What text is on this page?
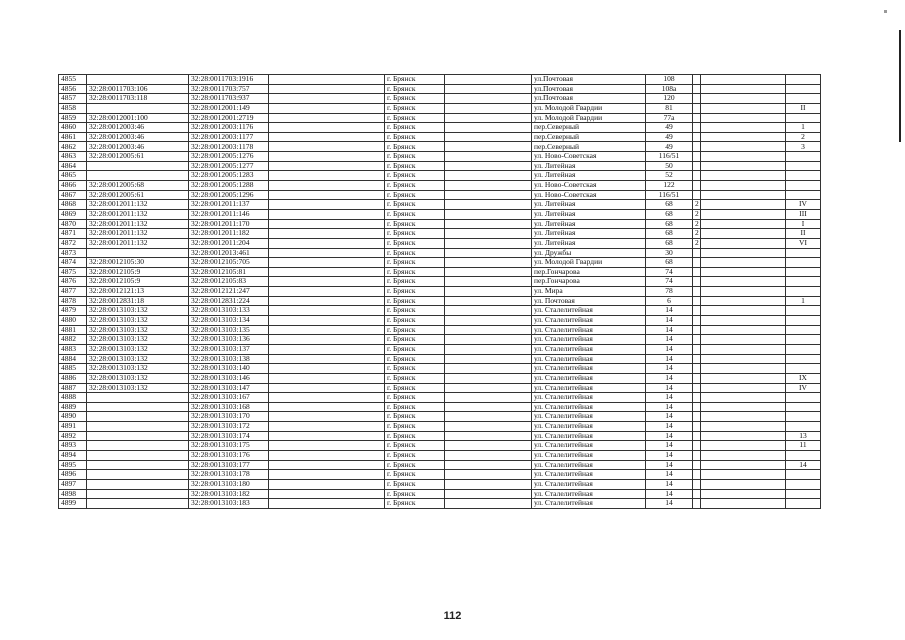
4855		32:28:0011703:1916		г. Брянск		ул.Почтовая	108			
4856	32:28:0011703:106	32:28:0011703:757		г. Брянск		ул.Почтовая	108а			
4857	32:28:0011703:118	32:28:0011703:937		г. Брянск		ул.Почтовая	120			
4858		32:28:0012001:149		г. Брянск		ул. Молодой Гвардии	81			II
4859	32:28:0012001:100	32:28:0012001:2719		г. Брянск		ул. Молодой Гвардии	77а			
4860	32:28:0012003:46	32:28:0012003:1176		г. Брянск		пер.Северный	49			1
4861	32:28:0012003:46	32:28:0012003:1177		г. Брянск		пер.Северный	49			2
4862	32:28:0012003:46	32:28:0012003:1178		г. Брянск		пер.Северный	49			3
4863	32:28:0012005:61	32:28:0012005:1276		г. Брянск		ул. Ново-Советская	116/51			
4864		32:28:0012005:1277		г. Брянск		ул. Литейная	50			
4865		32:28:0012005:1283		г. Брянск		ул. Литейная	52			
4866	32:28:0012005:68	32:28:0012005:1288		г. Брянск		ул. Ново-Советская	122			
4867	32:28:0012005:61	32:28:0012005:1296		г. Брянск		ул. Ново-Советская	116/51			
4868	32:28:0012011:132	32:28:0012011:137		г. Брянск		ул. Литейная	68	2		IV
4869	32:28:0012011:132	32:28:0012011:146		г. Брянск		ул. Литейная	68	2		III
4870	32:28:0012011:132	32:28:0012011:170		г. Брянск		ул. Литейная	68	2		I
4871	32:28:0012011:132	32:28:0012011:182		г. Брянск		ул. Литейная	68	2		II
4872	32:28:0012011:132	32:28:0012011:204		г. Брянск		ул. Литейная	68	2		VI
4873		32:28:0012013:461		г. Брянск		ул. Дружбы	30			
4874	32:28:0012105:30	32:28:0012105:705		г. Брянск		ул. Молодой Гвардии	68			
4875	32:28:0012105:9	32:28:0012105:81		г. Брянск		пер.Гончарова	74			
4876	32:28:0012105:9	32:28:0012105:83		г. Брянск		пер.Гончарова	74			
4877	32:28:0012121:13	32:28:0012121:247		г. Брянск		ул. Мира	78			
4878	32:28:0012831:18	32:28:0012831:224		г. Брянск		ул. Почтовая	6			1
4879	32:28:0013103:132	32:28:0013103:133		г. Брянск		ул. Сталелитейная	14			
4880	32:28:0013103:132	32:28:0013103:134		г. Брянск		ул. Сталелитейная	14			
4881	32:28:0013103:132	32:28:0013103:135		г. Брянск		ул. Сталелитейная	14			
4882	32:28:0013103:132	32:28:0013103:136		г. Брянск		ул. Сталелитейная	14			
4883	32:28:0013103:132	32:28:0013103:137		г. Брянск		ул. Сталелитейная	14			
4884	32:28:0013103:132	32:28:0013103:138		г. Брянск		ул. Сталелитейная	14			
4885	32:28:0013103:132	32:28:0013103:140		г. Брянск		ул. Сталелитейная	14			
4886	32:28:0013103:132	32:28:0013103:146		г. Брянск		ул. Сталелитейная	14			IX
4887	32:28:0013103:132	32:28:0013103:147		г. Брянск		ул. Сталелитейная	14			IV
4888		32:28:0013103:167		г. Брянск		ул. Сталелитейная	14			
4889		32:28:0013103:168		г. Брянск		ул. Сталелитейная	14			
4890		32:28:0013103:170		г. Брянск		ул. Сталелитейная	14			
4891		32:28:0013103:172		г. Брянск		ул. Сталелитейная	14			
4892		32:28:0013103:174		г. Брянск		ул. Сталелитейная	14			13
4893		32:28:0013103:175		г. Брянск		ул. Сталелитейная	14			11
4894		32:28:0013103:176		г. Брянск		ул. Сталелитейная	14			
4895		32:28:0013103:177		г. Брянск		ул. Сталелитейная	14			14
4896		32:28:0013103:178		г. Брянск		ул. Сталелитейная	14			
4897		32:28:0013103:180		г. Брянск		ул. Сталелитейная	14			
4898		32:28:0013103:182		г. Брянск		ул. Сталелитейная	14			
4899		32:28:0013103:183		г. Брянск		ул. Сталелитейная	14			
112
